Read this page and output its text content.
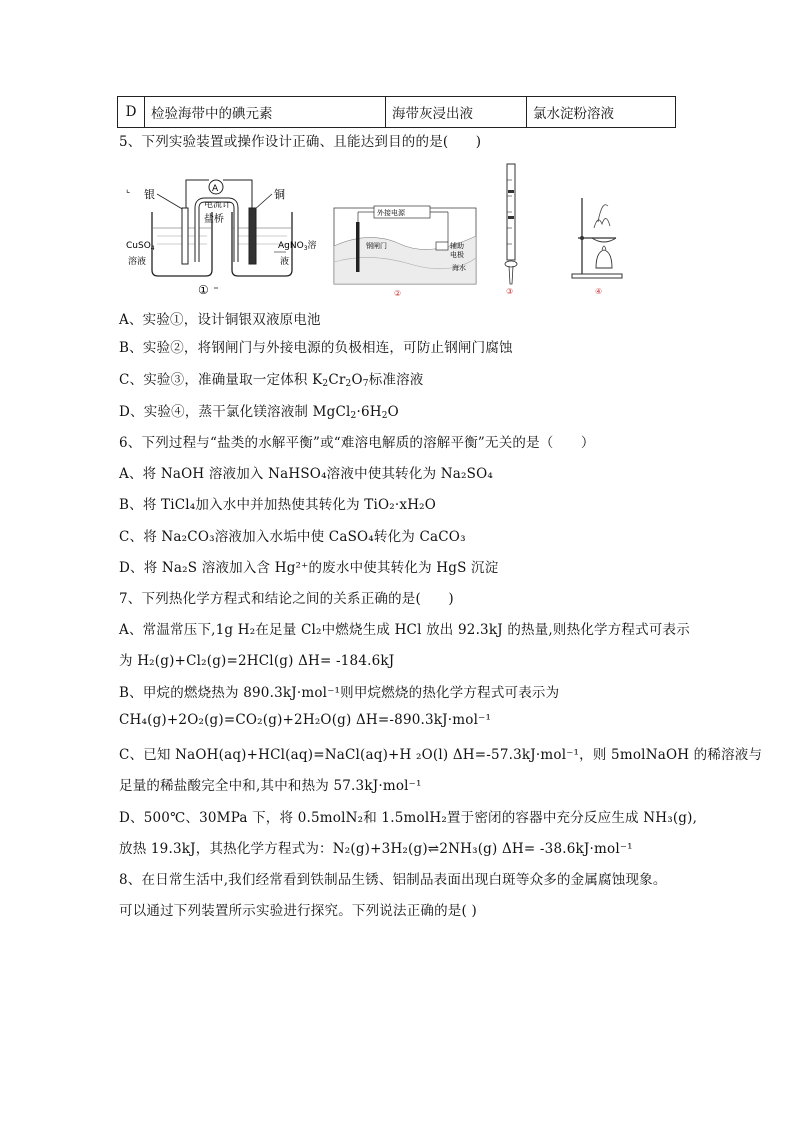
D	检验海带中的碘元素	海带灰浸出液	氯水淀粉溶液
5、下列实验装置或操作设计正确、且能达到目的的是(　　)
⌞ 银	铜
A
电流计
盐桥
CuSO$_4$
溶液
AgNO$_3$溶
液
①
外接电源
钢闸门	辅助
电极
海水
②	③	④
A、实验①，设计铜银双液原电池
B、实验②，将钢闸门与外接电源的负极相连，可防止钢闸门腐蚀
C、实验③，准确量取一定体积 $K_2Cr_2O_7$标准溶液
D、实验④，蒸干氯化镁溶液制 $MgCl_2\cdot 6H_2O$
6、下列过程与“盐类的水解平衡”或“难溶电解质的溶解平衡”无关的是（　　）
A、将 NaOH 溶液加入 NaHSO₄溶液中使其转化为 Na₂SO₄
B、将 TiCl₄加入水中并加热使其转化为 TiO₂·xH₂O
C、将 Na₂CO₃溶液加入水垢中使 CaSO₄转化为 CaCO₃
D、将 Na₂S 溶液加入含 Hg²⁺的废水中使其转化为 HgS 沉淀
7、下列热化学方程式和结论之间的关系正确的是(　　)
A、常温常压下,1g H₂在足量 Cl₂中燃烧生成 HCl 放出 92.3kJ 的热量,则热化学方程式可表示
为 H₂(g)+Cl₂(g)=2HCl(g) ΔH= -184.6kJ
B、甲烷的燃烧热为 890.3kJ·mol⁻¹则甲烷燃烧的热化学方程式可表示为
CH₄(g)+2O₂(g)=CO₂(g)+2H₂O(g) ΔH=-890.3kJ·mol⁻¹
C、已知 NaOH(aq)+HCl(aq)=NaCl(aq)+H ₂O(l) ΔH=-57.3kJ·mol⁻¹，则 5molNaOH 的稀溶液与
足量的稀盐酸完全中和,其中和热为 57.3kJ·mol⁻¹
D、500℃、30MPa 下，将 0.5molN₂和 1.5molH₂置于密闭的容器中充分反应生成 NH₃(g),
放热 19.3kJ，其热化学方程式为：N₂(g)+3H₂(g)⇌2NH₃(g) ΔH= -38.6kJ·mol⁻¹
8、在日常生活中,我们经常看到铁制品生锈、铝制品表面出现白斑等众多的金属腐蚀现象。
可以通过下列装置所示实验进行探究。下列说法正确的是( )
